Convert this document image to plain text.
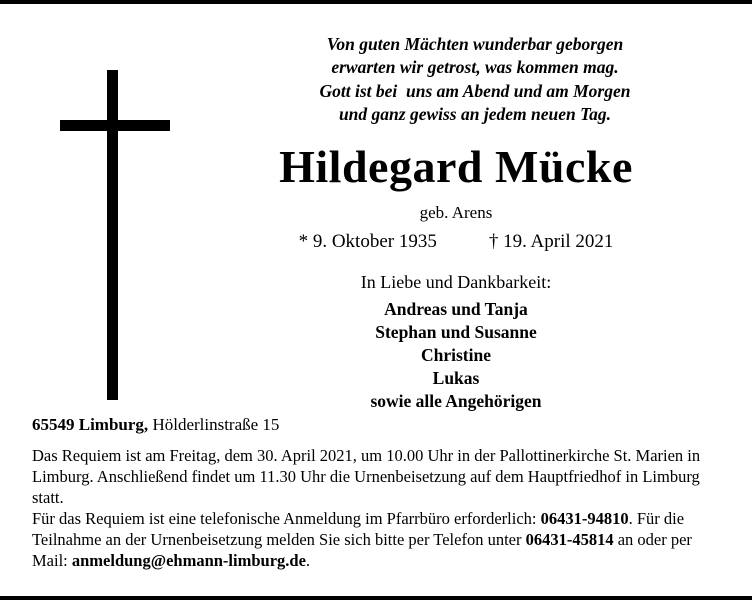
Von guten Mächten wunderbar geborgen
erwarten wir getrost, was kommen mag.
Gott ist bei  uns am Abend und am Morgen
und ganz gewiss an jedem neuen Tag.
Hildegard Mücke
geb. Arens
* 9. Oktober 1935	† 19. April 2021
In Liebe und Dankbarkeit:
Andreas und Tanja
Stephan und Susanne
Christine
Lukas
sowie alle Angehörigen
65549 Limburg, Hölderlinstraße 15
Das Requiem ist am Freitag, dem 30. April 2021, um 10.00 Uhr in der Pallottinerkirche St. Marien in Limburg. Anschließend findet um 11.30 Uhr die Urnenbeisetzung auf dem Hauptfriedhof in Limburg statt.
Für das Requiem ist eine telefonische Anmeldung im Pfarrbüro erforderlich: 06431-94810. Für die Teilnahme an der Urnenbeisetzung melden Sie sich bitte per Telefon unter 06431-45814 an oder per Mail: anmeldung@ehmann-limburg.de.
